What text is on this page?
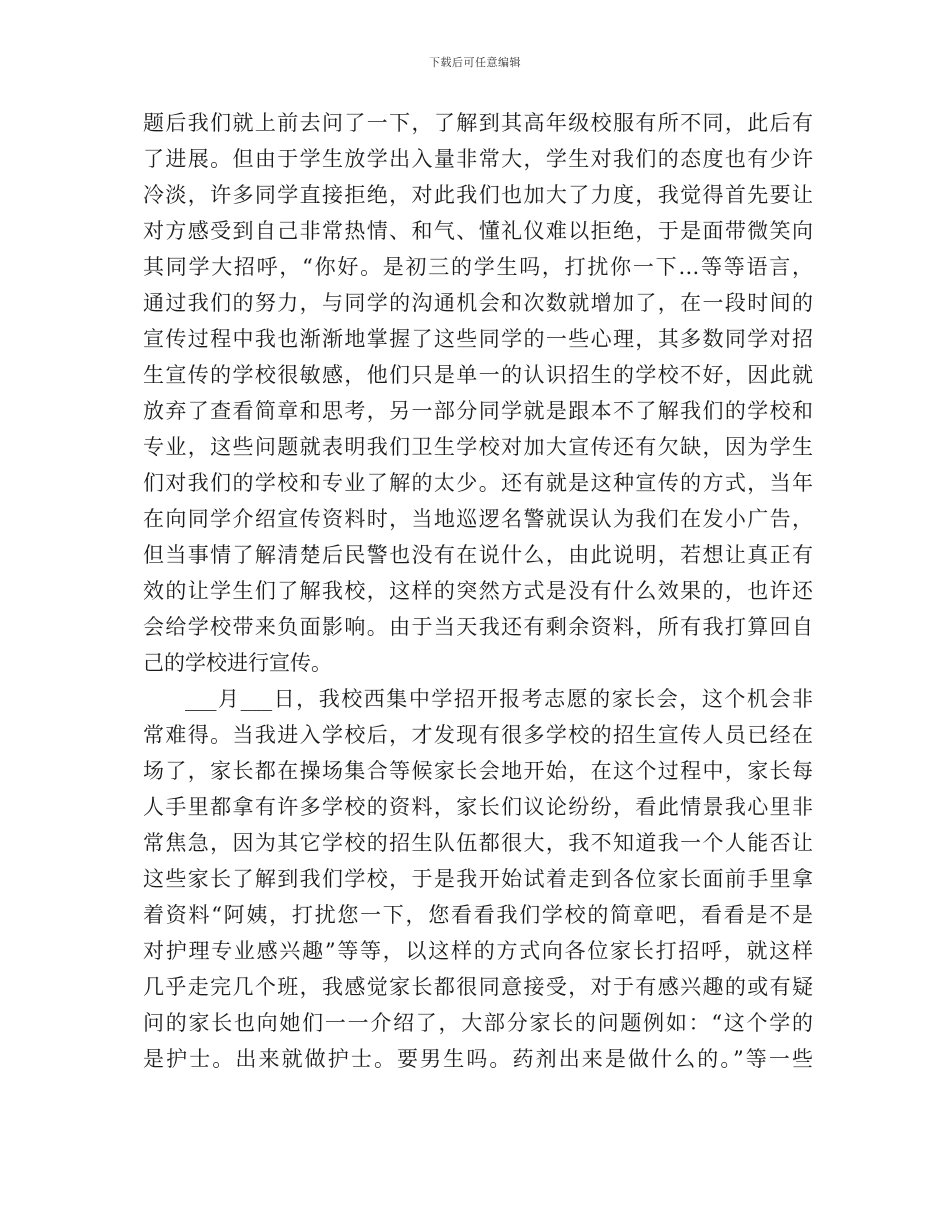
下载后可任意编辑
题后我们就上前去问了一下，了解到其高年级校服有所不同，此后有
了进展。但由于学生放学出入量非常大，学生对我们的态度也有少许
冷淡，许多同学直接拒绝，对此我们也加大了力度，我觉得首先要让
对方感受到自己非常热情、和气、懂礼仪难以拒绝，于是面带微笑向
其同学大招呼，“你好。是初三的学生吗，打扰你一下…等等语言，
通过我们的努力，与同学的沟通机会和次数就增加了，在一段时间的
宣传过程中我也渐渐地掌握了这些同学的一些心理，其多数同学对招
生宣传的学校很敏感，他们只是单一的认识招生的学校不好，因此就
放弃了查看简章和思考，另一部分同学就是跟本不了解我们的学校和
专业，这些问题就表明我们卫生学校对加大宣传还有欠缺，因为学生
们对我们的学校和专业了解的太少。还有就是这种宣传的方式，当年
在向同学介绍宣传资料时，当地巡逻名警就误认为我们在发小广告，
但当事情了解清楚后民警也没有在说什么，由此说明，若想让真正有
效的让学生们了解我校，这样的突然方式是没有什么效果的，也许还
会给学校带来负面影响。由于当天我还有剩余资料，所有我打算回自
己的学校进行宣传。
___月___日，我校西集中学招开报考志愿的家长会，这个机会非
常难得。当我进入学校后，才发现有很多学校的招生宣传人员已经在
场了，家长都在操场集合等候家长会地开始，在这个过程中，家长每
人手里都拿有许多学校的资料，家长们议论纷纷，看此情景我心里非
常焦急，因为其它学校的招生队伍都很大，我不知道我一个人能否让
这些家长了解到我们学校，于是我开始试着走到各位家长面前手里拿
着资料“阿姨，打扰您一下，您看看我们学校的简章吧，看看是不是
对护理专业感兴趣”等等，以这样的方式向各位家长打招呼，就这样
几乎走完几个班，我感觉家长都很同意接受，对于有感兴趣的或有疑
问的家长也向她们一一介绍了，大部分家长的问题例如：“这个学的
是护士。出来就做护士。要男生吗。药剂出来是做什么的。”等一些
